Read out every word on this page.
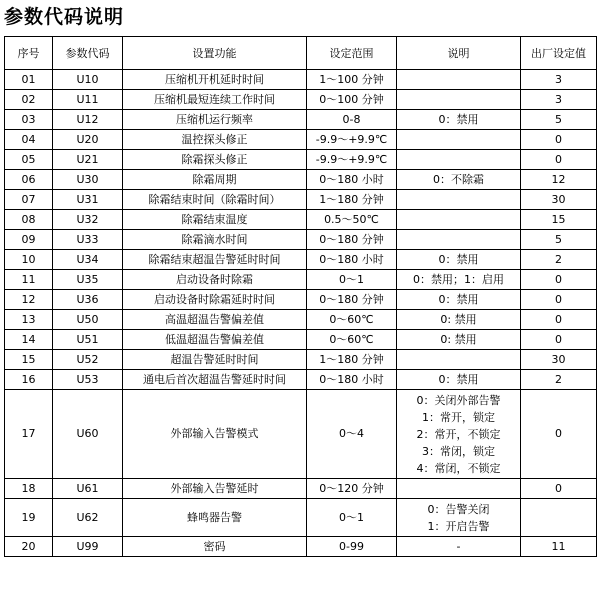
参数代码说明
序号	参数代码	设置功能	设定范围	说明	出厂设定值
01	U10	压缩机开机延时时间	1～100 分钟		3
02	U11	压缩机最短连续工作时间	0～100 分钟		3
03	U12	压缩机运行频率	0-8	0：禁用	5
04	U20	温控探头修正	-9.9～+9.9℃		0
05	U21	除霜探头修正	-9.9～+9.9℃		0
06	U30	除霜周期	0～180 小时	0：不除霜	12
07	U31	除霜结束时间（除霜时间）	1～180 分钟		30
08	U32	除霜结束温度	0.5～50℃		15
09	U33	除霜滴水时间	0～180 分钟		5
10	U34	除霜结束超温告警延时时间	0～180 小时	0：禁用	2
11	U35	启动设备时除霜	0～1	0：禁用；1：启用	0
12	U36	启动设备时除霜延时时间	0～180 分钟	0：禁用	0
13	U50	高温超温告警偏差值	0～60℃	0: 禁用	0
14	U51	低温超温告警偏差值	0～60℃	0: 禁用	0
15	U52	超温告警延时时间	1～180 分钟		30
16	U53	通电后首次超温告警延时时间	0～180 小时	0：禁用	2
17	U60	外部输入告警模式	0～4	0：关闭外部告警
1：常开，锁定
2：常开，不锁定
3：常闭，锁定
4：常闭，不锁定	0
18	U61	外部输入告警延时	0～120 分钟		0
19	U62	蜂鸣器告警	0～1	0：告警关闭
1：开启告警	

20	U99	密码	0-99	-	11
